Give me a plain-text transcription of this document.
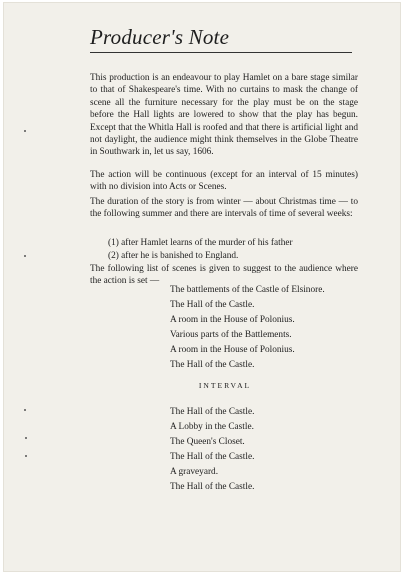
Producer's Note
This production is an endeavour to play Hamlet on a bare stage similar to that of Shakespeare's time. With no curtains to mask the change of scene all the furniture necessary for the play must be on the stage before the Hall lights are lowered to show that the play has begun. Except that the Whitla Hall is roofed and that there is artificial light and not daylight, the audience might think themselves in the Globe Theatre in Southwark in, let us say, 1606.
The action will be continuous (except for an interval of 15 minutes) with no division into Acts or Scenes.
The duration of the story is from winter — about Christmas time — to the following summer and there are intervals of time of several weeks:
(1) after Hamlet learns of the murder of his father
(2) after he is banished to England.
The following list of scenes is given to suggest to the audience where the action is set —
The battlements of the Castle of Elsinore.
The Hall of the Castle.
A room in the House of Polonius.
Various parts of the Battlements.
A room in the House of Polonius.
The Hall of the Castle.
INTERVAL
The Hall of the Castle.
A Lobby in the Castle.
The Queen's Closet.
The Hall of the Castle.
A graveyard.
The Hall of the Castle.
